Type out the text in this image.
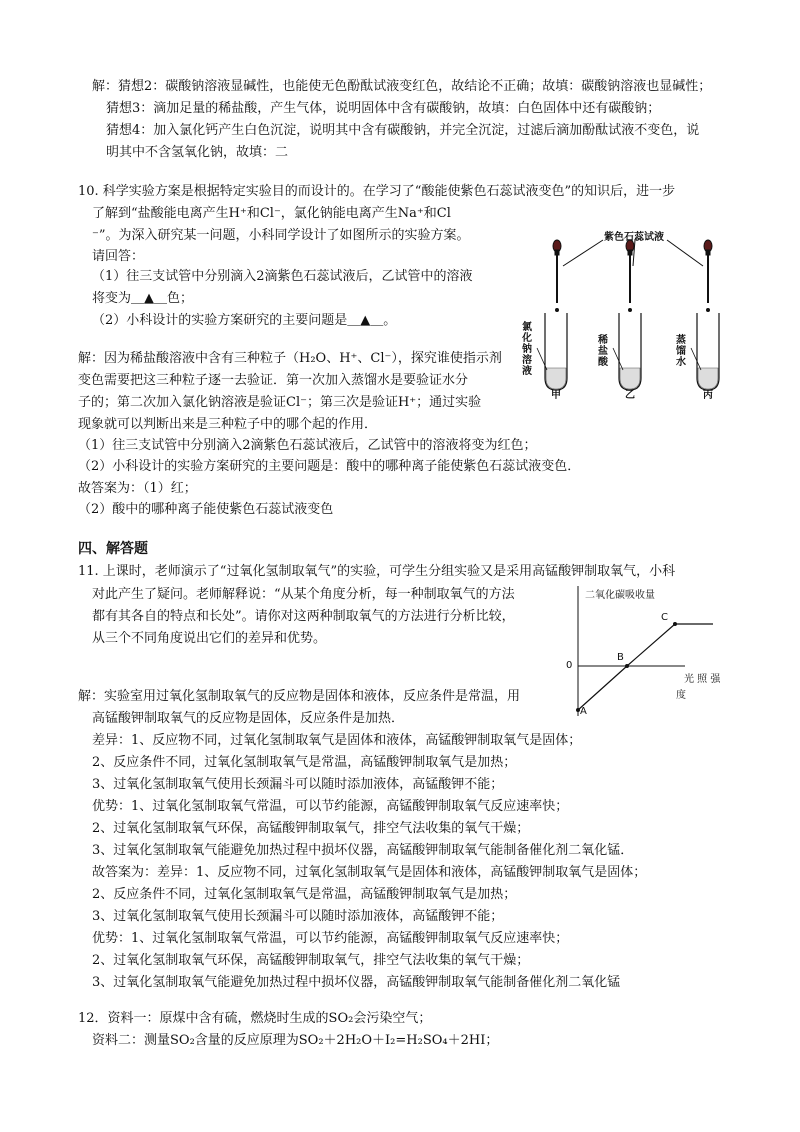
解：猜想2：碳酸钠溶液显碱性，也能使无色酚酞试液变红色，故结论不正确；故填：碳酸钠溶液也显碱性；
猜想3：滴加足量的稀盐酸，产生气体，说明固体中含有碳酸钠，故填：白色固体中还有碳酸钠；
猜想4：加入氯化钙产生白色沉淀，说明其中含有碳酸钠，并完全沉淀，过滤后滴加酚酞试液不变色，说
明其中不含氢氧化钠，故填：二
10. 科学实验方案是根据特定实验目的而设计的。在学习了“酸能使紫色石蕊试液变色”的知识后，进一步
了解到“盐酸能电离产生H⁺和Cl⁻，氯化钠能电离产生Na⁺和Cl
⁻”。为深入研究某一问题，小科同学设计了如图所示的实验方案。
请回答：
（1）往三支试管中分别滴入2滴紫色石蕊试液后，乙试管中的溶液
将变为＿▲＿色；
（2）小科设计的实验方案研究的主要问题是＿▲＿。
解：因为稀盐酸溶液中含有三种粒子（H₂O、H⁺、Cl⁻），探究谁使指示剂
变色需要把这三种粒子逐一去验证．第一次加入蒸馏水是要验证水分
子的；第二次加入氯化钠溶液是验证Cl⁻；第三次是验证H⁺；通过实验
现象就可以判断出来是三种粒子中的哪个起的作用．
（1）往三支试管中分别滴入2滴紫色石蕊试液后，乙试管中的溶液将变为红色；
（2）小科设计的实验方案研究的主要问题是：酸中的哪种离子能使紫色石蕊试液变色．
故答案为：（1）红；
（2）酸中的哪种离子能使紫色石蕊试液变色
紫色石蕊试液
氯化钠溶液
稀盐酸
蒸馏水
甲	乙	丙
四、解答题
11. 上课时，老师演示了“过氧化氢制取氧气”的实验，可学生分组实验又是采用高锰酸钾制取氧气，小科
对此产生了疑问。老师解释说：“从某个角度分析，每一种制取氧气的方法
都有其各自的特点和长处”。请你对这两种制取氧气的方法进行分析比较，
从三个不同角度说出它们的差异和优势。
二氧化碳吸收量
0
A
B
C
光 照 强
度
解：实验室用过氧化氢制取氧气的反应物是固体和液体，反应条件是常温，用
高锰酸钾制取氧气的反应物是固体，反应条件是加热．
差异：1、反应物不同，过氧化氢制取氧气是固体和液体，高锰酸钾制取氧气是固体；
2、反应条件不同，过氧化氢制取氧气是常温，高锰酸钾制取氧气是加热；
3、过氧化氢制取氧气使用长颈漏斗可以随时添加液体，高锰酸钾不能；
优势：1、过氧化氢制取氧气常温，可以节约能源，高锰酸钾制取氧气反应速率快；
2、过氧化氢制取氧气环保，高锰酸钾制取氧气，排空气法收集的氧气干燥；
3、过氧化氢制取氧气能避免加热过程中损坏仪器，高锰酸钾制取氧气能制备催化剂二氧化锰．
故答案为：差异：1、反应物不同，过氧化氢制取氧气是固体和液体，高锰酸钾制取氧气是固体；
2、反应条件不同，过氧化氢制取氧气是常温，高锰酸钾制取氧气是加热；
3、过氧化氢制取氧气使用长颈漏斗可以随时添加液体，高锰酸钾不能；
优势：1、过氧化氢制取氧气常温，可以节约能源，高锰酸钾制取氧气反应速率快；
2、过氧化氢制取氧气环保，高锰酸钾制取氧气，排空气法收集的氧气干燥；
3、过氧化氢制取氧气能避免加热过程中损坏仪器，高锰酸钾制取氧气能制备催化剂二氧化锰
12．资料一：原煤中含有硫，燃烧时生成的SO₂会污染空气；
资料二：测量SO₂含量的反应原理为SO₂＋2H₂O＋I₂=H₂SO₄＋2HI；
